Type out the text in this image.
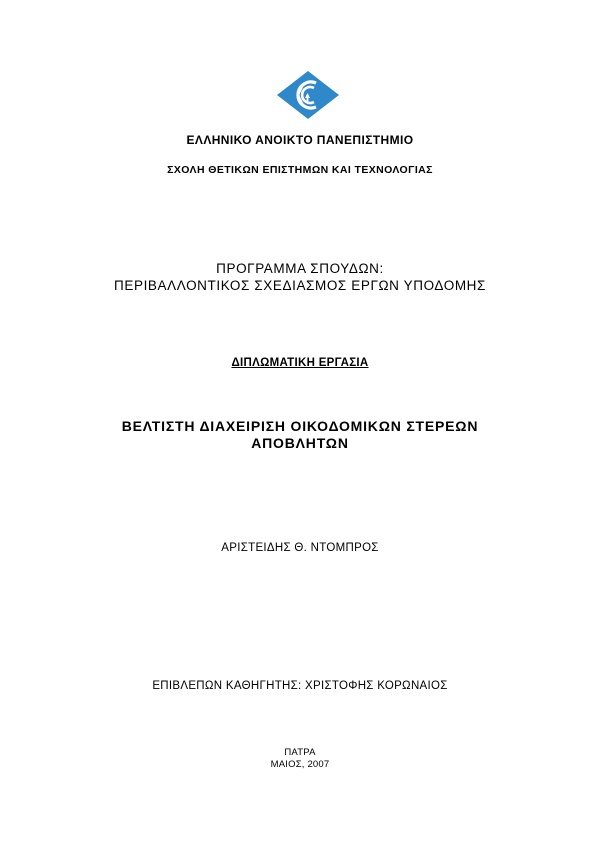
ΕΛΛΗΝΙΚΟ ΑΝΟΙΚΤΟ ΠΑΝΕΠΙΣΤΗΜΙΟ
ΣΧΟΛΗ ΘΕΤΙΚΩΝ ΕΠΙΣΤΗΜΩΝ ΚΑΙ ΤΕΧΝΟΛΟΓΙΑΣ
ΠΡΟΓΡΑΜΜΑ ΣΠΟΥΔΩΝ:
ΠΕΡΙΒΑΛΛΟΝΤΙΚΟΣ ΣΧΕΔΙΑΣΜΟΣ ΕΡΓΩΝ ΥΠΟΔΟΜΗΣ
ΔΙΠΛΩΜΑΤΙΚΗ ΕΡΓΑΣΙΑ
ΒΕΛΤΙΣΤΗ ΔΙΑΧΕΙΡΙΣΗ ΟΙΚΟΔΟΜΙΚΩΝ ΣΤΕΡΕΩΝ
ΑΠΟΒΛΗΤΩΝ
ΑΡΙΣΤΕΙΔΗΣ Θ. ΝΤΟΜΠΡΟΣ
ΕΠΙΒΛΕΠΩΝ ΚΑΘΗΓΗΤΗΣ: ΧΡΙΣΤΟΦΗΣ ΚΟΡΩΝΑΙΟΣ
ΠΑΤΡΑ
ΜΑΙΟΣ, 2007
